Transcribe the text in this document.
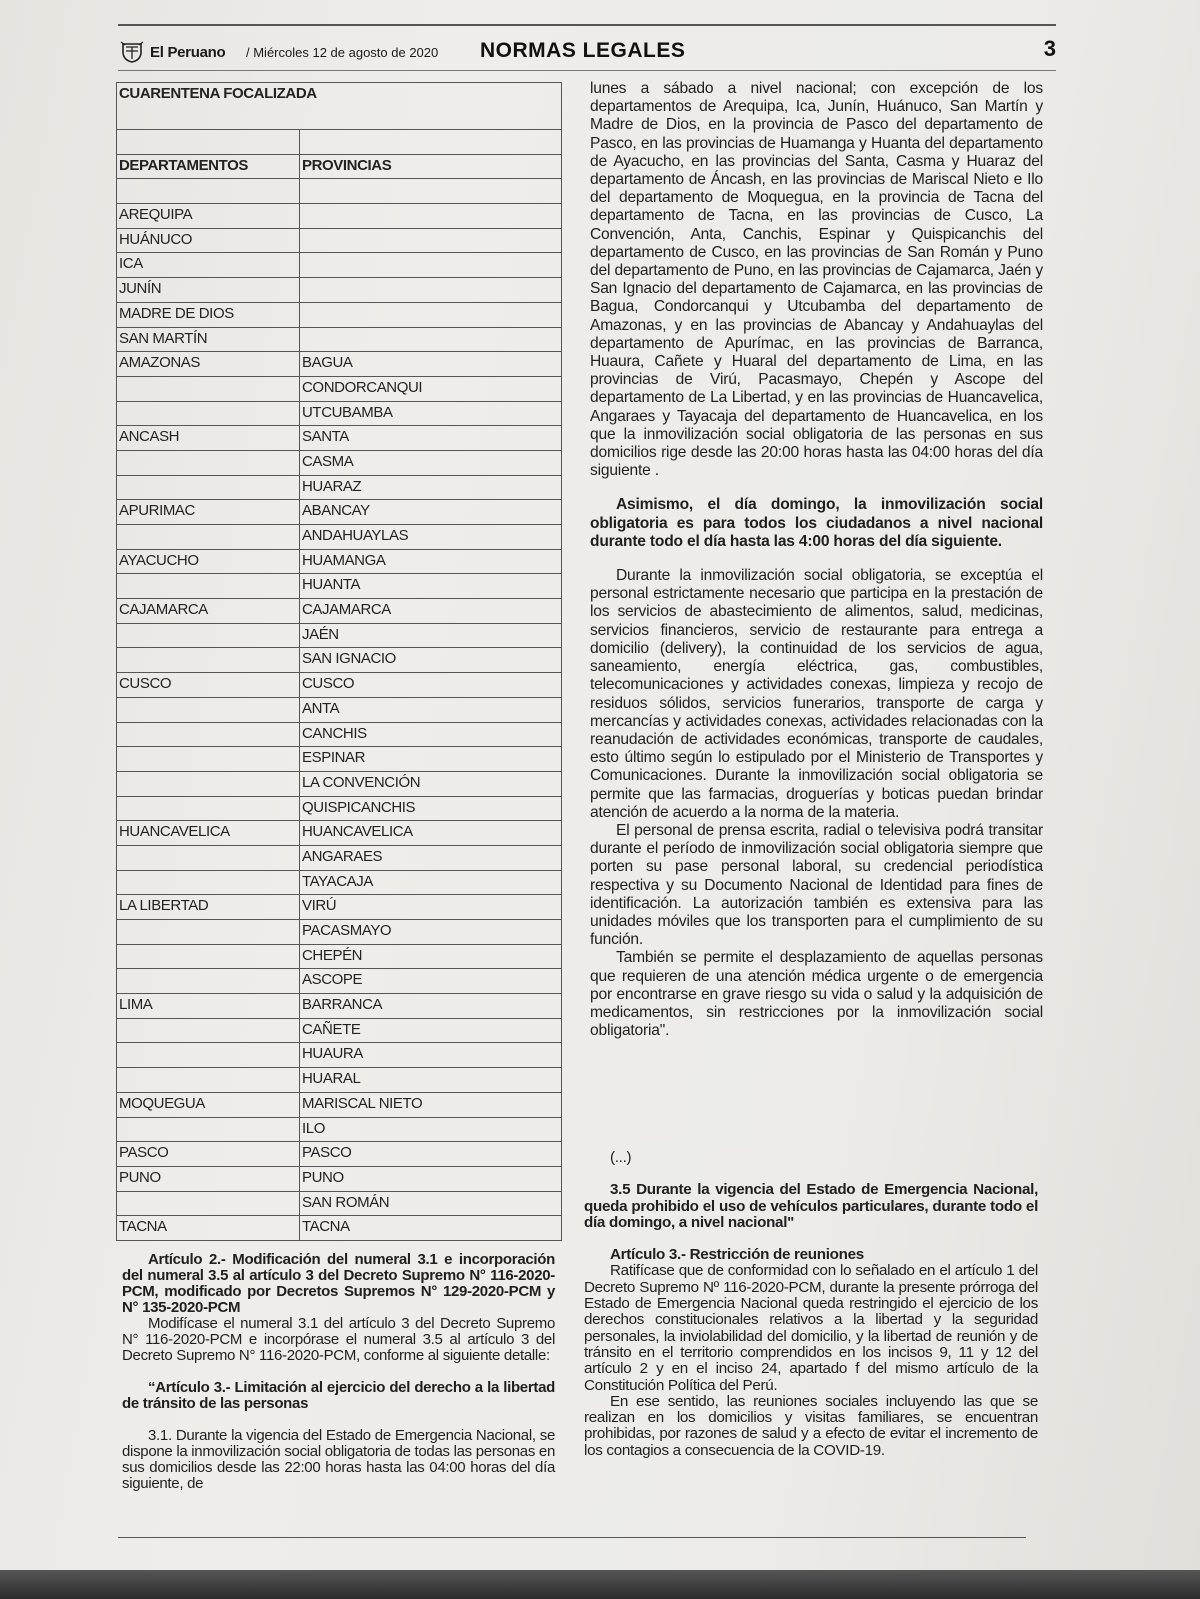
El Peruano / Miércoles 12 de agosto de 2020 NORMAS LEGALES	3
CUARENTENA FOCALIZADA	

DEPARTAMENTOS	PROVINCIAS

AREQUIPA	
HUÁNUCO	
ICA	
JUNÍN	
MADRE DE DIOS	
SAN MARTÍN	
AMAZONAS	BAGUA
	CONDORCANQUI
	UTCUBAMBA
ANCASH	SANTA
	CASMA
	HUARAZ
APURIMAC	ABANCAY
	ANDAHUAYLAS
AYACUCHO	HUAMANGA
	HUANTA
CAJAMARCA	CAJAMARCA
	JAÉN
	SAN IGNACIO
CUSCO	CUSCO
	ANTA
	CANCHIS
	ESPINAR
	LA CONVENCIÓN
	QUISPICANCHIS
HUANCAVELICA	HUANCAVELICA
	ANGARAES
	TAYACAJA
LA LIBERTAD	VIRÚ
	PACASMAYO
	CHEPÉN
	ASCOPE
LIMA	BARRANCA
	CAÑETE
	HUAURA
	HUARAL
MOQUEGUA	MARISCAL NIETO
	ILO
PASCO	PASCO
PUNO	PUNO
	SAN ROMÁN
TACNA	TACNA

Artículo 2.- Modificación del numeral 3.1 e incorporación del numeral 3.5 al artículo 3 del Decreto Supremo N° 116-2020-PCM, modificado por Decretos Supremos N° 129-2020-PCM y N° 135-2020-PCM

Modifícase el numeral 3.1 del artículo 3 del Decreto Supremo N° 116-2020-PCM e incorpórase el numeral 3.5 al artículo 3 del Decreto Supremo N° 116-2020-PCM, conforme al siguiente detalle:

“Artículo 3.- Limitación al ejercicio del derecho a la libertad de tránsito de las personas

3.1. Durante la vigencia del Estado de Emergencia Nacional, se dispone la inmovilización social obligatoria de todas las personas en sus domicilios desde las 22:00 horas hasta las 04:00 horas del día siguiente, de

lunes a sábado a nivel nacional; con excepción de los departamentos de Arequipa, Ica, Junín, Huánuco, San Martín y Madre de Dios, en la provincia de Pasco del departamento de Pasco, en las provincias de Huamanga y Huanta del departamento de Ayacucho, en las provincias del Santa, Casma y Huaraz del departamento de Áncash, en las provincias de Mariscal Nieto e Ilo del departamento de Moquegua, en la provincia de Tacna del departamento de Tacna, en las provincias de Cusco, La Convención, Anta, Canchis, Espinar y Quispicanchis del departamento de Cusco, en las provincias de San Román y Puno del departamento de Puno, en las provincias de Cajamarca, Jaén y San Ignacio del departamento de Cajamarca, en las provincias de Bagua, Condorcanqui y Utcubamba del departamento de Amazonas, y en las provincias de Abancay y Andahuaylas del departamento de Apurímac, en las provincias de Barranca, Huaura, Cañete y Huaral del departamento de Lima, en las provincias de Virú, Pacasmayo, Chepén y Ascope del departamento de La Libertad, y en las provincias de Huancavelica, Angaraes y Tayacaja del departamento de Huancavelica, en los que la inmovilización social obligatoria de las personas en sus domicilios rige desde las 20:00 horas hasta las 04:00 horas del día siguiente .

Asimismo, el día domingo, la inmovilización social obligatoria es para todos los ciudadanos a nivel nacional durante todo el día hasta las 4:00 horas del día siguiente.

Durante la inmovilización social obligatoria, se exceptúa el personal estrictamente necesario que participa en la prestación de los servicios de abastecimiento de alimentos, salud, medicinas, servicios financieros, servicio de restaurante para entrega a domicilio (delivery), la continuidad de los servicios de agua, saneamiento, energía eléctrica, gas, combustibles, telecomunicaciones y actividades conexas, limpieza y recojo de residuos sólidos, servicios funerarios, transporte de carga y mercancías y actividades conexas, actividades relacionadas con la reanudación de actividades económicas, transporte de caudales, esto último según lo estipulado por el Ministerio de Transportes y Comunicaciones. Durante la inmovilización social obligatoria se permite que las farmacias, droguerías y boticas puedan brindar atención de acuerdo a la norma de la materia.

El personal de prensa escrita, radial o televisiva podrá transitar durante el período de inmovilización social obligatoria siempre que porten su pase personal laboral, su credencial periodística respectiva y su Documento Nacional de Identidad para fines de identificación. La autorización también es extensiva para las unidades móviles que los transporten para el cumplimiento de su función.

También se permite el desplazamiento de aquellas personas que requieren de una atención médica urgente o de emergencia por encontrarse en grave riesgo su vida o salud y la adquisición de medicamentos, sin restricciones por la inmovilización social obligatoria".

(...)

3.5 Durante la vigencia del Estado de Emergencia Nacional, queda prohibido el uso de vehículos particulares, durante todo el día domingo, a nivel nacional"

Artículo 3.- Restricción de reuniones

Ratifícase que de conformidad con lo señalado en el artículo 1 del Decreto Supremo Nº 116-2020-PCM, durante la presente prórroga del Estado de Emergencia Nacional queda restringido el ejercicio de los derechos constitucionales relativos a la libertad y la seguridad personales, la inviolabilidad del domicilio, y la libertad de reunión y de tránsito en el territorio comprendidos en los incisos 9, 11 y 12 del artículo 2 y en el inciso 24, apartado f del mismo artículo de la Constitución Política del Perú.

En ese sentido, las reuniones sociales incluyendo las que se realizan en los domicilios y visitas familiares, se encuentran prohibidas, por razones de salud y a efecto de evitar el incremento de los contagios a consecuencia de la COVID-19.
